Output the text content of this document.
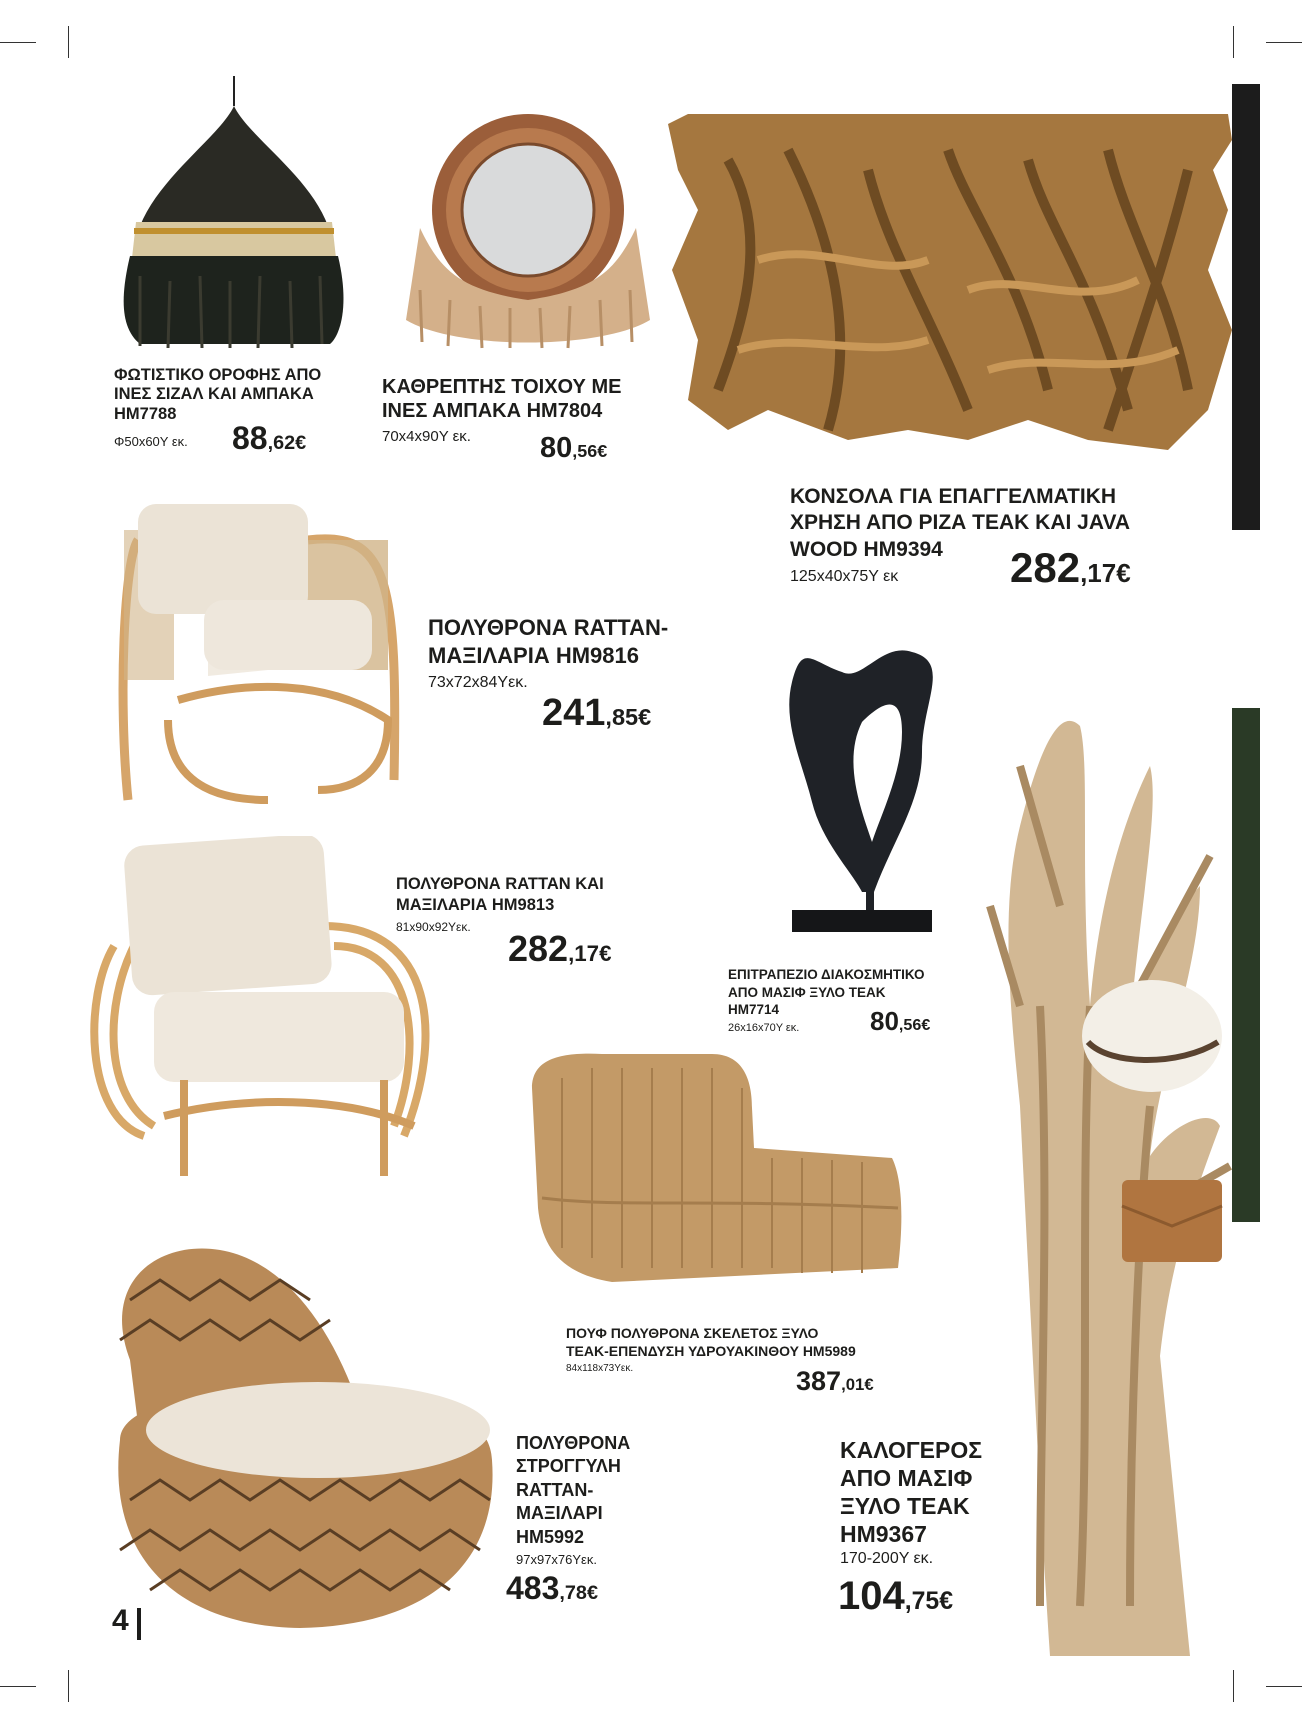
ΦΩΤΙΣΤΙΚΟ ΟΡΟΦΗΣ ΑΠΟ
ΙΝΕΣ ΣΙΖΑΛ ΚΑΙ ΑΜΠΑΚΑ
HM7788
Φ50x60Y εκ. 88,62€
ΚΑΘΡΕΠΤΗΣ ΤΟΙΧΟΥ ΜΕ
ΙΝΕΣ ΑΜΠΑΚΑ HM7804
70x4x90Y εκ. 80,56€
ΚΟΝΣΟΛΑ ΓΙΑ ΕΠΑΓΓΕΛΜΑΤΙΚΗ
ΧΡΗΣΗ ΑΠΟ ΡΙΖΑ TEAK ΚΑΙ JAVA
WOOD HM9394
125x40x75Y εκ	282,17€
ΠΟΛΥΘΡΟΝΑ RATTAN-
ΜΑΞΙΛΑΡΙΑ HM9816
73x72x84Yεκ.
241,85€
ΕΠΙΤΡΑΠΕΖΙΟ ΔΙΑΚΟΣΜΗΤΙΚΟ
ΑΠΟ ΜΑΣΙΦ ΞΥΛΟ TEAK
HM7714
26x16x70Y εκ.	80,56€
ΠΟΛΥΘΡΟΝΑ RATTAN ΚΑΙ
ΜΑΞΙΛΑΡΙΑ HM9813
81x90x92Yεκ.
282,17€
ΠΟΥΦ ΠΟΛΥΘΡΟΝΑ ΣΚΕΛΕΤΟΣ ΞΥΛΟ
TEAK-ΕΠΕΝΔΥΣΗ ΥΔΡΟΥΑΚΙΝΘΟΥ HM5989
84x118x73Yεκ.	387,01€
ΠΟΛΥΘΡΟΝΑ
ΣΤΡΟΓΓΥΛΗ
RATTAN-
ΜΑΞΙΛΑΡΙ
HM5992
97x97x76Yεκ.
483,78€
ΚΑΛΟΓΕΡΟΣ
ΑΠΟ ΜΑΣΙΦ
ΞΥΛΟ TEAK
HM9367
170-200Y εκ.
104,75€
4
